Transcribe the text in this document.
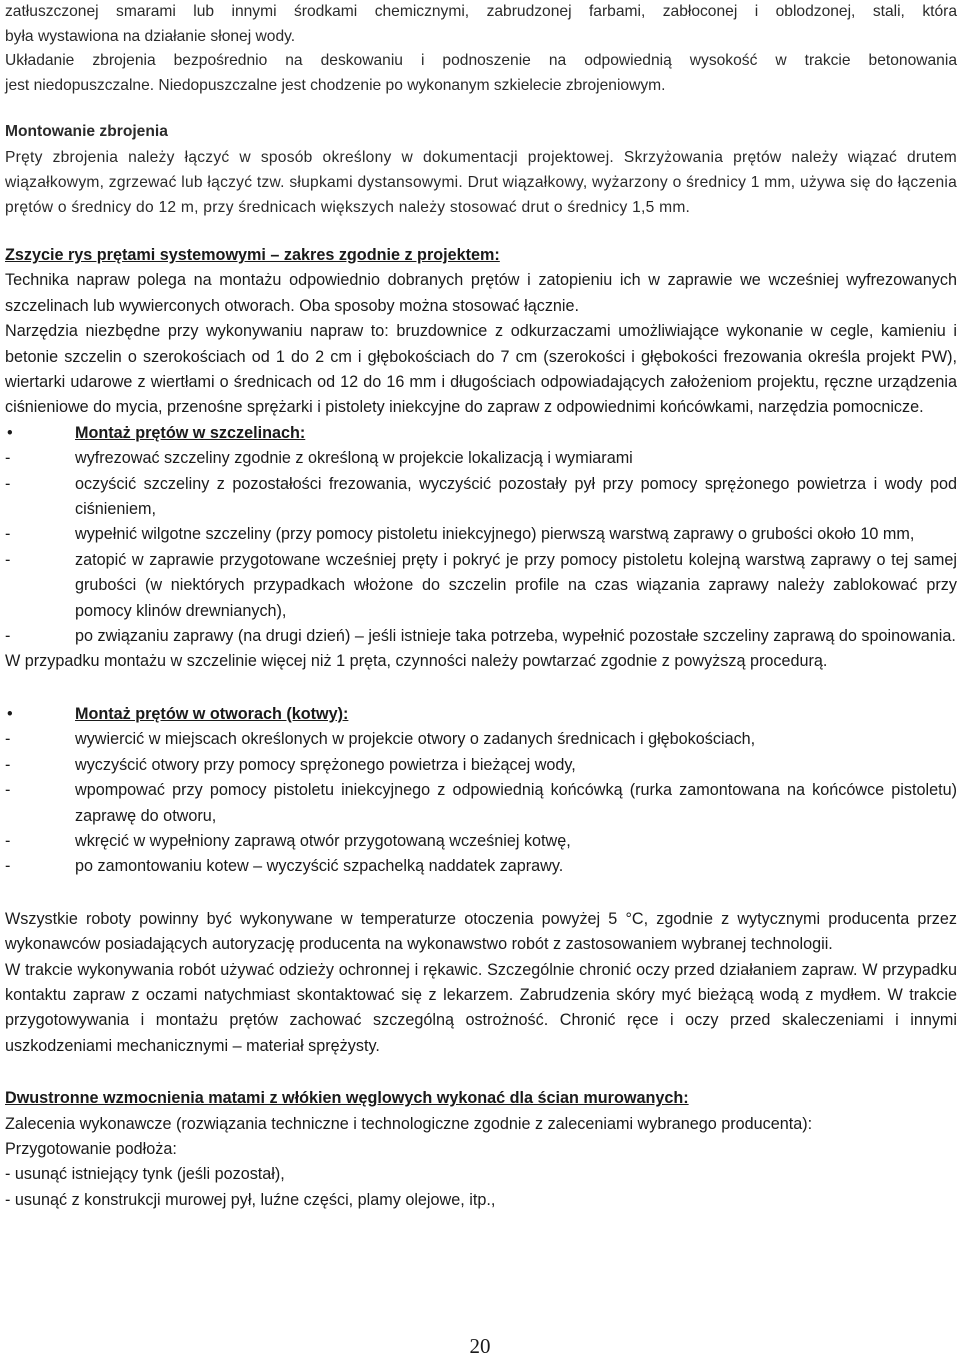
zatłuszczonej smarami lub innymi środkami chemicznymi, zabrudzonej farbami, zabłoconej i oblodzonej, stali, która

była wystawiona na działanie słonej wody.

Układanie zbrojenia bezpośrednio na deskowaniu i podnoszenie na odpowiednią wysokość w trakcie betonowania

jest niedopuszczalne. Niedopuszczalne jest chodzenie po wykonanym szkielecie zbrojeniowym.

Montowanie zbrojenia

Pręty zbrojenia należy łączyć w sposób określony w dokumentacji projektowej. Skrzyżowania prętów należy wiązać drutem wiązałkowym, zgrzewać lub łączyć tzw. słupkami dystansowymi. Drut wiązałkowy, wyżarzony o średnicy 1 mm, używa się do łączenia prętów o średnicy do 12 m, przy średnicach większych należy stosować drut o średnicy 1,5 mm.

Zszycie rys prętami systemowymi – zakres zgodnie z projektem:

Technika napraw polega na montażu odpowiednio dobranych prętów i zatopieniu ich w zaprawie we wcześniej wyfrezowanych szczelinach lub wywierconych otworach. Oba sposoby można stosować łącznie.

Narzędzia niezbędne przy wykonywaniu napraw to: bruzdownice z odkurzaczami umożliwiające wykonanie w cegle, kamieniu i betonie szczelin o szerokościach od 1 do 2 cm i głębokościach do 7 cm (szerokości i głębokości frezowania określa projekt PW), wiertarki udarowe z wiertłami o średnicach od 12 do 16 mm i długościach odpowiadających założeniom projektu, ręczne urządzenia ciśnieniowe do mycia, przenośne sprężarki i pistolety iniekcyjne do zapraw z odpowiednimi końcówkami, narzędzia pomocnicze.

•	Montaż prętów w szczelinach:
-	wyfrezować szczeliny zgodnie z określoną w projekcie lokalizacją i wymiarami
-	oczyścić szczeliny z pozostałości frezowania, wyczyścić pozostały pył przy pomocy sprężonego powietrza i wody pod ciśnieniem,
-	wypełnić wilgotne szczeliny (przy pomocy pistoletu iniekcyjnego) pierwszą warstwą zaprawy o grubości około 10 mm,
-	zatopić w zaprawie przygotowane wcześniej pręty i pokryć je przy pomocy pistoletu kolejną warstwą zaprawy o tej samej grubości (w niektórych przypadkach włożone do szczelin profile na czas wiązania zaprawy należy zablokować przy pomocy klinów drewnianych),
-	po związaniu zaprawy (na drugi dzień) – jeśli istnieje taka potrzeba, wypełnić pozostałe szczeliny zaprawą do spoinowania.

W przypadku montażu w szczelinie więcej niż 1 pręta, czynności należy powtarzać zgodnie z powyższą procedurą.

•	Montaż prętów w otworach (kotwy):
-	wywiercić w miejscach określonych w projekcie otwory o zadanych średnicach i głębokościach,
-	wyczyścić otwory przy pomocy sprężonego powietrza i bieżącej wody,
-	wpompować przy pomocy pistoletu iniekcyjnego z odpowiednią końcówką (rurka zamontowana na końcówce pistoletu) zaprawę do otworu,
-	wkręcić w wypełniony zaprawą otwór przygotowaną wcześniej kotwę,
-	po zamontowaniu kotew – wyczyścić szpachelką naddatek zaprawy.

Wszystkie roboty powinny być wykonywane w temperaturze otoczenia powyżej 5 °C, zgodnie z wytycznymi producenta przez wykonawców posiadających autoryzację producenta na wykonawstwo robót z zastosowaniem wybranej technologii.

W trakcie wykonywania robót używać odzieży ochronnej i rękawic. Szczególnie chronić oczy przed działaniem zapraw. W przypadku kontaktu zapraw z oczami natychmiast skontaktować się z lekarzem. Zabrudzenia skóry myć bieżącą wodą z mydłem. W trakcie przygotowywania i montażu prętów zachować szczególną ostrożność. Chronić ręce i oczy przed skaleczeniami i innymi uszkodzeniami mechanicznymi – materiał sprężysty.

Dwustronne wzmocnienia matami z włókien węglowych wykonać dla ścian murowanych:

Zalecenia wykonawcze (rozwiązania techniczne i technologiczne zgodnie z zaleceniami wybranego producenta):

Przygotowanie podłoża:

- usunąć istniejący tynk (jeśli pozostał),

- usunąć z konstrukcji murowej pył, luźne części, plamy olejowe, itp.,

20
